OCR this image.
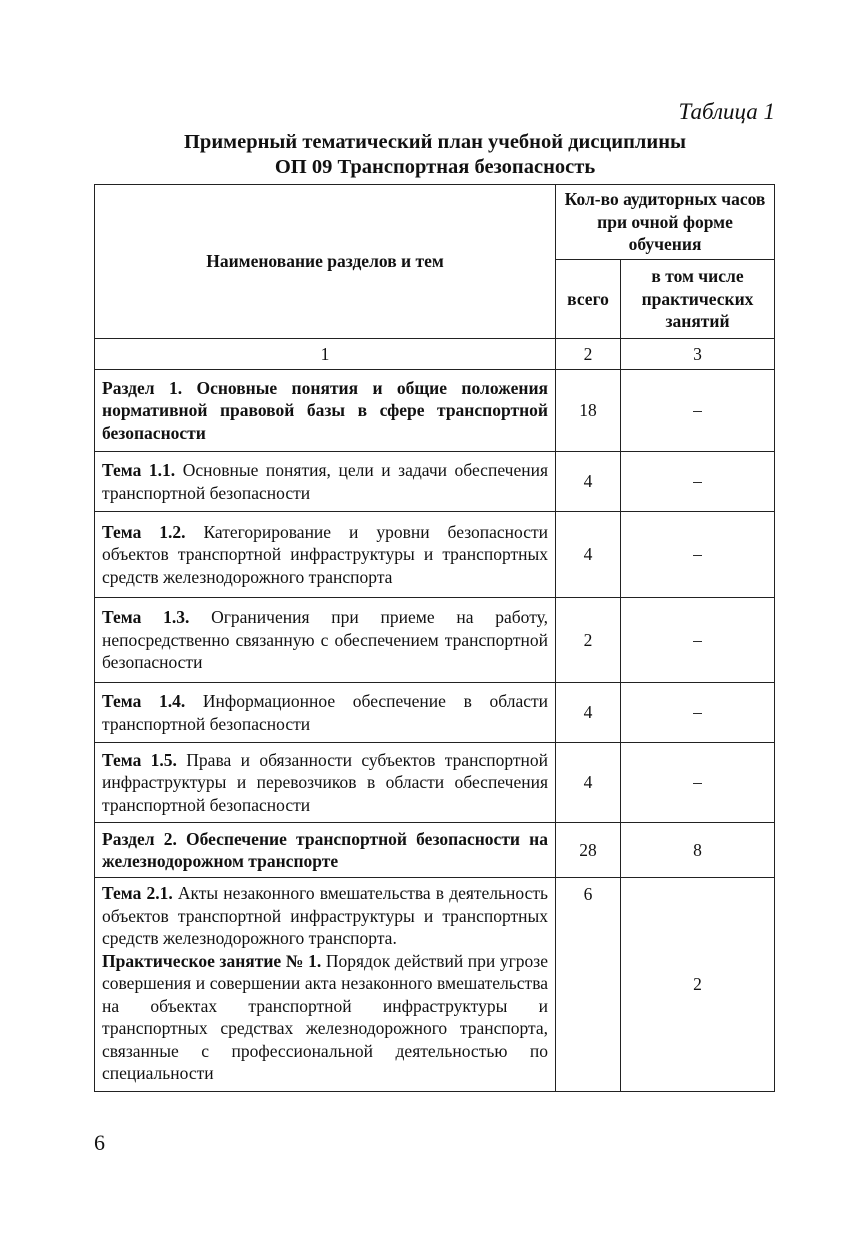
Таблица 1
Примерный тематический план учебной дисциплины
ОП 09 Транспортная безопасность
Наименование разделов и тем	Кол-во аудиторных часов при очной форме обучения	
	всего	в том числе практических занятий
1	2	3
Раздел 1. Основные понятия и общие положения нормативной правовой базы в сфере транспортной безопасности	18	–
Тема 1.1. Основные понятия, цели и задачи обеспечения транспортной безопасности	4	–
Тема 1.2. Категорирование и уровни безопасности объектов транспортной инфраструктуры и транспортных средств железнодорожного транспорта	4	–
Тема 1.3. Ограничения при приеме на работу, непосредственно связанную с обеспечением транспортной безопасности	2	–
Тема 1.4. Информационное обеспечение в области транспортной безопасности	4	–
Тема 1.5. Права и обязанности субъектов транспортной инфраструктуры и перевозчиков в области обеспечения транспортной безопасности	4	–
Раздел 2. Обеспечение транспортной безопасности на железнодорожном транспорте	28	8
Тема 2.1. Акты незаконного вмешательства в деятельность объектов транспортной инфраструктуры и транспортных средств железнодорожного транспорта.
Практическое занятие № 1. Порядок действий при угрозе совершения и совершении акта незаконного вмешательства на объектах транспортной инфраструктуры и транспортных средствах железнодорожного транспорта, связанные с профессиональной деятельностью по специальности	6	2
6
